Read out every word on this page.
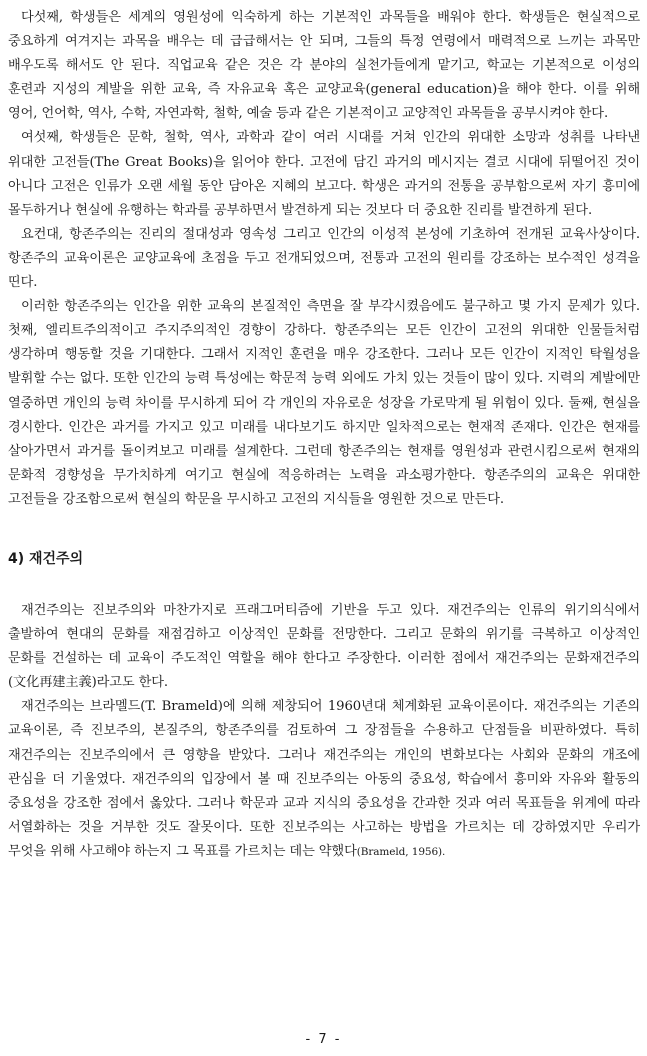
다섯째, 학생들은 세계의 영원성에 익숙하게 하는 기본적인 과목들을 배워야 한다. 학생들은 현실적으로 중요하게 여겨지는 과목을 배우는 데 급급해서는 안 되며, 그들의 특정 연령에서 매력적으로 느끼는 과목만 배우도록 해서도 안 된다. 직업교육 같은 것은 각 분야의 실천가들에게 맡기고, 학교는 기본적으로 이성의 훈련과 지성의 계발을 위한 교육, 즉 자유교육 혹은 교양교육(general education)을 해야 한다. 이를 위해 영어, 언어학, 역사, 수학, 자연과학, 철학, 예술 등과 같은 기본적이고 교양적인 과목들을 공부시켜야 한다.

여섯째, 학생들은 문학, 철학, 역사, 과학과 같이 여러 시대를 거쳐 인간의 위대한 소망과 성취를 나타낸 위대한 고전들(The Great Books)을 읽어야 한다. 고전에 담긴 과거의 메시지는 결코 시대에 뒤떨어진 것이 아니다 고전은 인류가 오랜 세월 동안 담아온 지혜의 보고다. 학생은 과거의 전통을 공부함으로써 자기 흥미에 몰두하거나 현실에 유행하는 학과를 공부하면서 발견하게 되는 것보다 더 중요한 진리를 발견하게 된다.

요컨대, 항존주의는 진리의 절대성과 영속성 그리고 인간의 이성적 본성에 기초하여 전개된 교육사상이다. 항존주의 교육이론은 교양교육에 초점을 두고 전개되었으며, 전통과 고전의 원리를 강조하는 보수적인 성격을 띤다.

이러한 항존주의는 인간을 위한 교육의 본질적인 측면을 잘 부각시켰음에도 불구하고 몇 가지 문제가 있다. 첫째, 엘리트주의적이고 주지주의적인 경향이 강하다. 항존주의는 모든 인간이 고전의 위대한 인물들처럼 생각하며 행동할 것을 기대한다. 그래서 지적인 훈련을 매우 강조한다. 그러나 모든 인간이 지적인 탁월성을 발휘할 수는 없다. 또한 인간의 능력 특성에는 학문적 능력 외에도 가치 있는 것들이 많이 있다. 지력의 계발에만 열중하면 개인의 능력 차이를 무시하게 되어 각 개인의 자유로운 성장을 가로막게 될 위험이 있다. 둘째, 현실을 경시한다. 인간은 과거를 가지고 있고 미래를 내다보기도 하지만 일차적으로는 현재적 존재다. 인간은 현재를 살아가면서 과거를 돌이켜보고 미래를 설계한다. 그런데 항존주의는 현재를 영원성과 관련시킴으로써 현재의 문화적 경향성을 무가치하게 여기고 현실에 적응하려는 노력을 과소평가한다. 항존주의의 교육은 위대한 고전들을 강조함으로써 현실의 학문을 무시하고 고전의 지식들을 영원한 것으로 만든다.

4) 재건주의

재건주의는 진보주의와 마찬가지로 프래그머티즘에 기반을 두고 있다. 재건주의는 인류의 위기의식에서 출발하여 현대의 문화를 재점검하고 이상적인 문화를 전망한다. 그리고 문화의 위기를 극복하고 이상적인 문화를 건설하는 데 교육이 주도적인 역할을 해야 한다고 주장한다. 이러한 점에서 재건주의는 문화재건주의(文化再建主義)라고도 한다.

재건주의는 브라멜드(T. Brameld)에 의해 제창되어 1960년대 체계화된 교육이론이다. 재건주의는 기존의 교육이론, 즉 진보주의, 본질주의, 항존주의를 검토하여 그 장점들을 수용하고 단점들을 비판하였다. 특히 재건주의는 진보주의에서 큰 영향을 받았다. 그러나 재건주의는 개인의 변화보다는 사회와 문화의 개조에 관심을 더 기울였다. 재건주의의 입장에서 볼 때 진보주의는 아동의 중요성, 학습에서 흥미와 자유와 활동의 중요성을 강조한 점에서 옳았다. 그러나 학문과 교과 지식의 중요성을 간과한 것과 여러 목표들을 위계에 따라 서열화하는 것을 거부한 것도 잘못이다. 또한 진보주의는 사고하는 방법을 가르치는 데 강하였지만 우리가 무엇을 위해 사고해야 하는지 그 목표를 가르치는 데는 약했다(Brameld, 1956).

- 7 -
